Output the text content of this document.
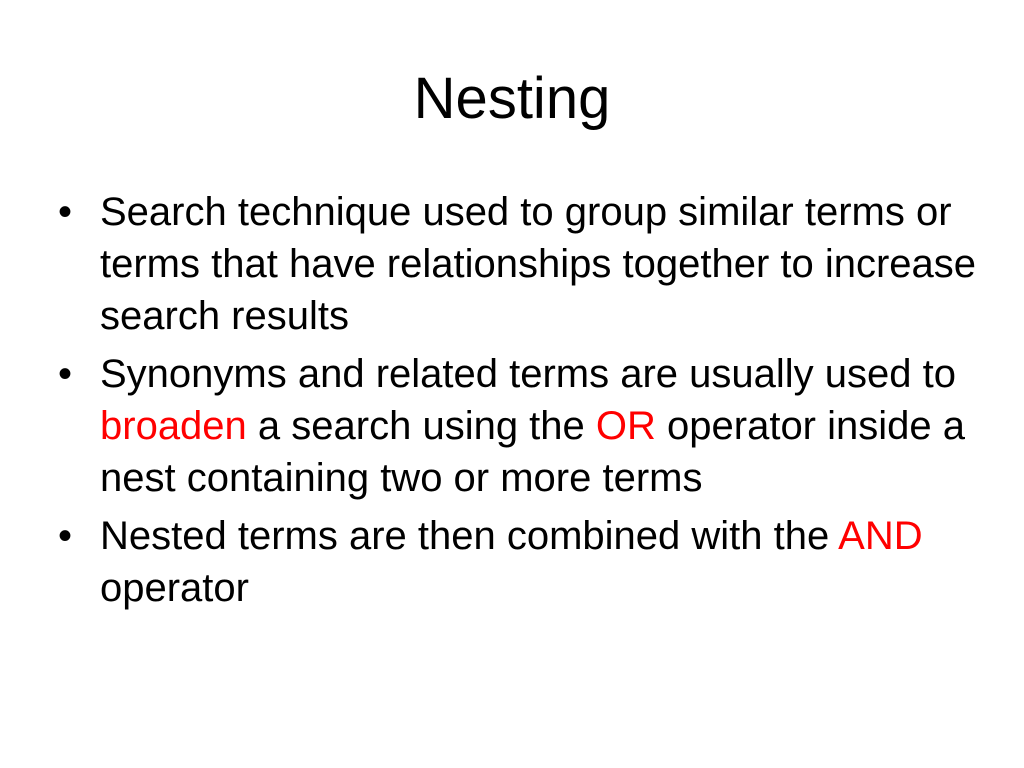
Nesting
• Search technique used to group similar terms or terms that have relationships together to increase search results
• Synonyms and related terms are usually used to broaden a search using the OR operator inside a nest containing two or more terms
• Nested terms are then combined with the AND operator
